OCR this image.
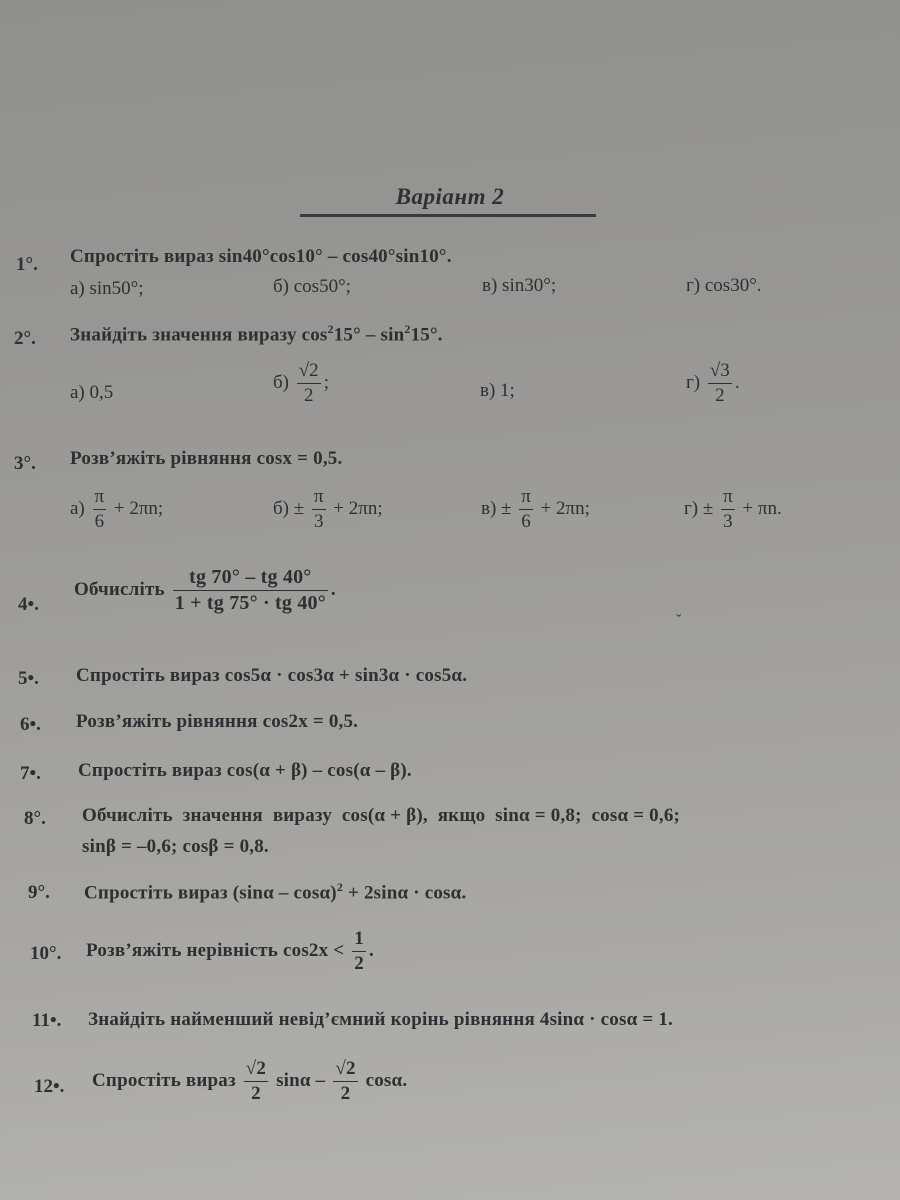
Варіант 2
1°. Спростіть вираз sin40°cos10° – cos40°sin10°.
а) sin50°;	б) cos50°;	в) sin30°;	г) cos30°.
2°. Знайдіть значення виразу $\cos^215^\circ - \sin^215^\circ$.
а) 0,5	$б) \frac{√2}{2}$ ;	в) 1;	$г) \frac{√3}{2}$ .
3°. Розв’яжіть рівняння cosx = 0,5.
$а) \frac{\pi}{6} + 2\pi n$;	$б) \pm \frac{\pi}{3} + 2\pi n$;	$в) \pm \frac{\pi}{6} + 2\pi n$;	$г) \pm \frac{\pi}{3} + \pi n$.
4•.
Обчисліть $\frac{tg 70^\circ - tg 40^\circ}{1 + tg 75^\circ \cdot tg 40^\circ}$ .
ˇ
5•. Спростіть вираз cos5α · cos3α + sin3α · cos5α.
6•. Розв’яжіть рівняння cos2x = 0,5.
7•. Спростіть вираз cos(α + β) – cos(α – β).
8°. Обчисліть  значення  виразу  cos(α + β),  якщо  sinα = 0,8;  cosα = 0,6;
sinβ = –0,6; cosβ = 0,8.
9°. Спростіть вираз (sinα – cosα)$^2$ + 2sinα · cosα.
10°. Розв’яжіть нерівність $\cos 2x < \frac{1}{2}$ .
11•. Знайдіть найменший невід’ємний корінь рівняння 4sinα · cosα = 1.
12•. Спростіть вираз $\frac{√2}{2}$ sinα – $\frac{√2}{2} \cos\alpha$.
